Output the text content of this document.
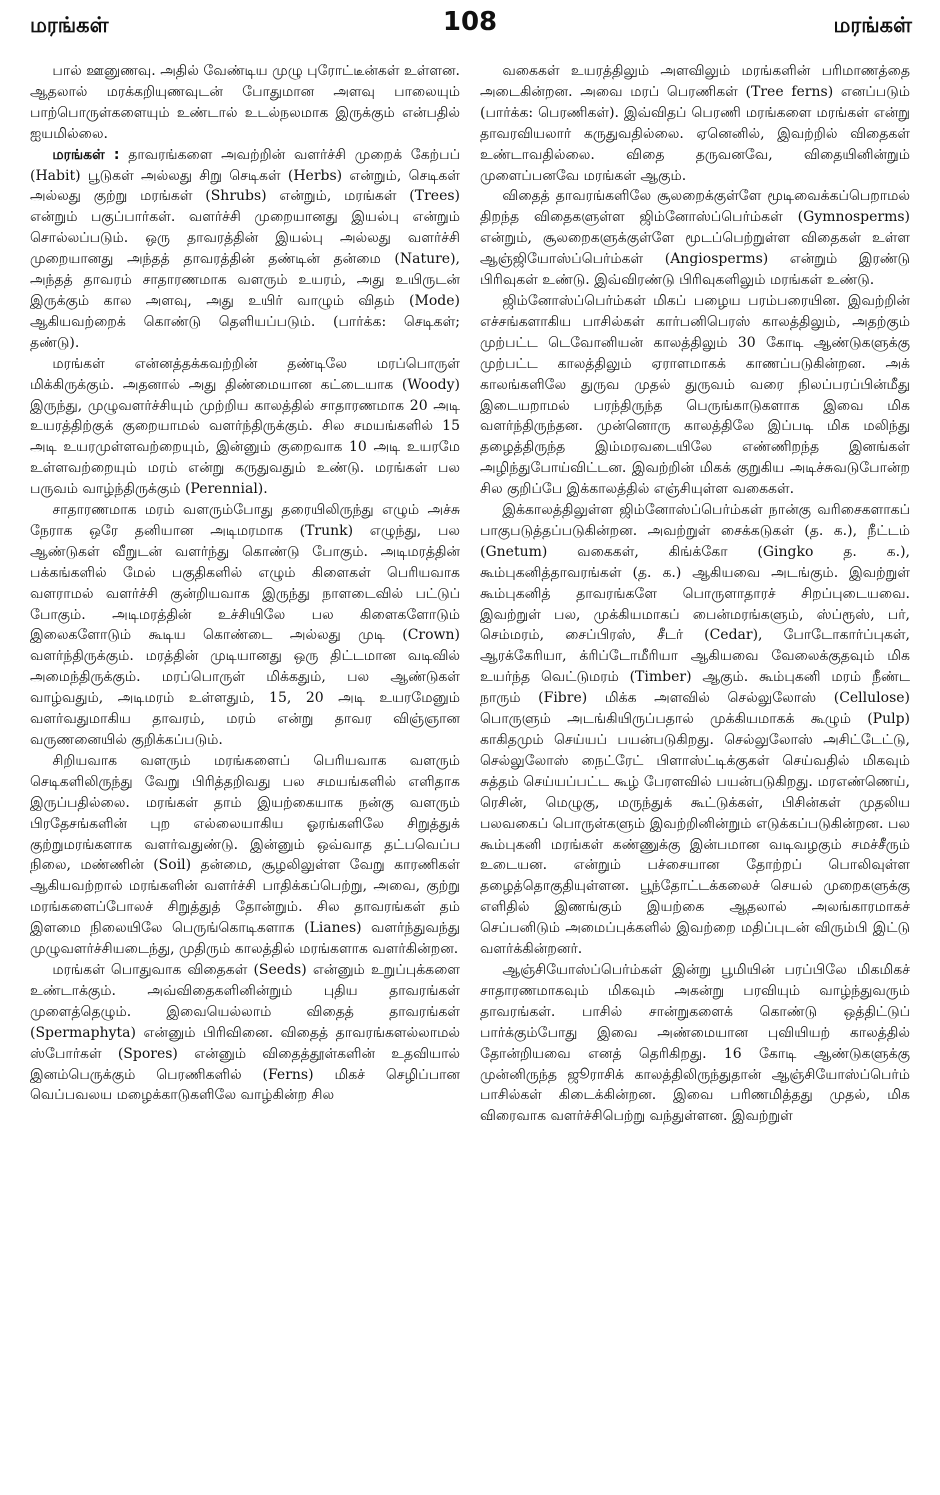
மரங்கள்	108	மரங்கள்

பால் ஊனுணவு. அதில் வேண்டிய முழு புரோட்டீன்கள் உள்ளன. ஆதலால் மரக்கறியுணவுடன் போதுமான அளவு பாலையும் பாற்பொருள்களையும் உண்டால் உடல்நலமாக இருக்கும் என்பதில் ஐயமில்லை.

மரங்கள் : தாவரங்களை அவற்றின் வளர்ச்சி முறைக் கேற்பப் (Habit) பூடுகள் அல்லது சிறு செடிகள் (Herbs) என்றும், செடிகள் அல்லது குற்று மரங்கள் (Shrubs) என்றும், மரங்கள் (Trees) என்றும் பகுப்பார்கள். வளர்ச்சி முறையானது இயல்பு என்றும் சொல்லப்படும். ஒரு தாவரத்தின் இயல்பு அல்லது வளர்ச்சி முறையானது அந்தத் தாவரத்தின் தண்டின் தன்மை (Nature), அந்தத் தாவரம் சாதாரணமாக வளரும் உயரம், அது உயிருடன் இருக்கும் கால அளவு, அது உயிர் வாழும் விதம் (Mode) ஆகியவற்றைக் கொண்டு தெளியப்படும். (பார்க்க: செடிகள்; தண்டு).

மரங்கள் என்னத்தக்கவற்றின் தண்டிலே மரப்பொருள் மிக்கிருக்கும். அதனால் அது திண்மையான கட்டையாக (Woody) இருந்து, முழுவளர்ச்சியும் முற்றிய காலத்தில் சாதாரணமாக 20 அடி உயரத்திற்குக் குறையாமல் வளர்ந்திருக்கும். சில சமயங்களில் 15 அடி உயரமுள்ளவற்றையும், இன்னும் குறைவாக 10 அடி உயரமே உள்ளவற்றையும் மரம் என்று கருதுவதும் உண்டு. மரங்கள் பல பருவம் வாழ்ந்திருக்கும் (Perennial).

சாதாரணமாக மரம் வளரும்போது தரையிலிருந்து எழும் அச்சு நேராக ஒரே தனியான அடிமரமாக (Trunk) எழுந்து, பல ஆண்டுகள் வீறுடன் வளர்ந்து கொண்டு போகும். அடிமரத்தின் பக்கங்களில் மேல் பகுதிகளில் எழும் கிளைகள் பெரியவாக வளராமல் வளர்ச்சி குன்றியவாக இருந்து நாளடைவில் பட்டுப் போகும். அடிமரத்தின் உச்சியிலே பல கிளைகளோடும் இலைகளோடும் கூடிய கொண்டை அல்லது முடி (Crown) வளர்ந்திருக்கும். மரத்தின் முடியானது ஒரு திட்டமான வடிவில் அமைந்திருக்கும். மரப்பொருள் மிக்கதும், பல ஆண்டுகள் வாழ்வதும், அடிமரம் உள்ளதும், 15, 20 அடி உயரமேனும் வளர்வதுமாகிய தாவரம், மரம் என்று தாவர விஞ்ஞான வருணனையில் குறிக்கப்படும்.

சிறியவாக வளரும் மரங்களைப் பெரியவாக வளரும் செடிகளிலிருந்து வேறு பிரித்தறிவது பல சமயங்களில் எளிதாக இருப்பதில்லை. மரங்கள் தாம் இயற்கையாக நன்கு வளரும் பிரதேசங்களின் புற எல்லையாகிய ஓரங்களிலே சிறுத்துக் குற்றுமரங்களாக வளர்வதுண்டு. இன்னும் ஒவ்வாத தட்பவெப்ப நிலை, மண்ணின் (Soil) தன்மை, சூழலிலுள்ள வேறு காரணிகள் ஆகியவற்றால் மரங்களின் வளர்ச்சி பாதிக்கப்பெற்று, அவை, குற்று மரங்களைப்போலச் சிறுத்துத் தோன்றும். சில தாவரங்கள் தம் இளமை நிலையிலே பெருங்கொடிகளாக (Lianes) வளர்ந்துவந்து முழுவளர்ச்சியடைந்து, முதிரும் காலத்தில் மரங்களாக வளர்கின்றன.

மரங்கள் பொதுவாக விதைகள் (Seeds) என்னும் உறுப்புக்களை உண்டாக்கும். அவ்விதைகளினின்றும் புதிய தாவரங்கள் முளைத்தெழும். இவையெல்லாம் விதைத் தாவரங்கள் (Spermaphyta) என்னும் பிரிவினை. விதைத் தாவரங்களல்லாமல் ஸ்போர்கள் (Spores) என்னும் விதைத்தூள்களின் உதவியால் இனம்பெருக்கும் பெரணிகளில் (Ferns) மிகச் செழிப்பான வெப்பவலய மழைக்காடுகளிலே வாழ்கின்ற சில

வகைகள் உயரத்திலும் அளவிலும் மரங்களின் பரிமாணத்தை அடைகின்றன. அவை மரப் பெரணிகள் (Tree ferns) எனப்படும் (பார்க்க: பெரணிகள்). இவ்விதப் பெரணி மரங்களை மரங்கள் என்று தாவரவியலார் கருதுவதில்லை. ஏனெனில், இவற்றில் விதைகள் உண்டாவதில்லை. விதை தருவனவே, விதையினின்றும் முளைப்பனவே மரங்கள் ஆகும்.

விதைத் தாவரங்களிலே சூலறைக்குள்ளே மூடிவைக்கப்பெறாமல் திறந்த விதைகளுள்ள ஜிம்னோஸ்ப்பெர்ம்கள் (Gymnosperms) என்றும், சூலறைகளுக்குள்ளே மூடப்பெற்றுள்ள விதைகள் உள்ள ஆஞ்ஜியோஸ்ப்பெர்ம்கள் (Angiosperms) என்றும் இரண்டு பிரிவுகள் உண்டு. இவ்விரண்டு பிரிவுகளிலும் மரங்கள் உண்டு.

ஜிம்னோஸ்ப்பெர்ம்கள் மிகப் பழைய பரம்பரையின. இவற்றின் எச்சங்களாகிய பாசில்கள் கார்பனிபெரஸ் காலத்திலும், அதற்கும் முற்பட்ட டெவோனியன் காலத்திலும் 30 கோடி ஆண்டுகளுக்கு முற்பட்ட காலத்திலும் ஏராளமாகக் காணப்படுகின்றன. அக் காலங்களிலே துருவ முதல் துருவம் வரை நிலப்பரப்பின்மீது இடையறாமல் பரந்திருந்த பெருங்காடுகளாக இவை மிக வளர்ந்திருந்தன. முன்னொரு காலத்திலே இப்படி மிக மலிந்து தழைத்திருந்த இம்மரவடையிலே எண்ணிறந்த இனங்கள் அழிந்துபோய்விட்டன. இவற்றின் மிகக் குறுகிய அடிச்சுவடுபோன்ற சில குறிப்பே இக்காலத்தில் எஞ்சியுள்ள வகைகள்.

இக்காலத்திலுள்ள ஜிம்னோஸ்ப்பெர்ம்கள் நான்கு வரிசைகளாகப் பாகுபடுத்தப்படுகின்றன. அவற்றுள் சைக்கடுகள் (த. க.), நீட்டம் (Gnetum) வகைகள், கிங்க்கோ (Gingko த. க.), கூம்புகனித்தாவரங்கள் (த. க.) ஆகியவை அடங்கும். இவற்றுள் கூம்புகனித் தாவரங்களே பொருளாதாரச் சிறப்புடையவை. இவற்றுள் பல, முக்கியமாகப் பைன்மரங்களும், ஸ்ப்ரூஸ், பர், செம்மரம், சைப்பிரஸ், சீடர் (Cedar), போடோகார்ப்புகள், ஆரக்கேரியா, க்ரிப்டோமீரியா ஆகியவை வேலைக்குதவும் மிக உயர்ந்த வெட்டுமரம் (Timber) ஆகும். கூம்புகனி மரம் நீண்ட நாரும் (Fibre) மிக்க அளவில் செல்லுலோஸ் (Cellulose) பொருளும் அடங்கியிருப்பதால் முக்கியமாகக் கூழும் (Pulp) காகிதமும் செய்யப் பயன்படுகிறது. செல்லுலோஸ் அசிட்டேட்டு, செல்லுலோஸ் நைட்ரேட் பிளாஸ்ட்டிக்குகள் செய்வதில் மிகவும் சுத்தம் செய்யப்பட்ட கூழ் பேரளவில் பயன்படுகிறது. மரஎண்ணெய், ரெசின், மெழுகு, மருந்துக் கூட்டுக்கள், பிசின்கள் முதலிய பலவகைப் பொருள்களும் இவற்றினின்றும் எடுக்கப்படுகின்றன. பல கூம்புகனி மரங்கள் கண்ணுக்கு இன்பமான வடிவழகும் சமச்சீரும் உடையன. என்றும் பச்சையான தோற்றப் பொலிவுள்ள தழைத்தொகுதியுள்ளன. பூந்தோட்டக்கலைச் செயல் முறைகளுக்கு எளிதில் இணங்கும் இயற்கை ஆதலால் அலங்காரமாகச் செப்பனிடும் அமைப்புக்களில் இவற்றை மதிப்புடன் விரும்பி இட்டு வளர்க்கின்றனர்.

ஆஞ்சியோஸ்ப்பெர்ம்கள் இன்று பூமியின் பரப்பிலே மிகமிகச் சாதாரணமாகவும் மிகவும் அகன்று பரவியும் வாழ்ந்துவரும் தாவரங்கள். பாசில் சான்றுகளைக் கொண்டு ஒத்திட்டுப் பார்க்கும்போது இவை அண்மையான புவியியற் காலத்தில் தோன்றியவை எனத் தெரிகிறது. 16 கோடி ஆண்டுகளுக்கு முன்னிருந்த ஜூராசிக் காலத்திலிருந்துதான் ஆஞ்சியோஸ்ப்பெர்ம் பாசில்கள் கிடைக்கின்றன. இவை பரிணமித்தது முதல், மிக விரைவாக வளர்ச்சிபெற்று வந்துள்ளன. இவற்றுள்
